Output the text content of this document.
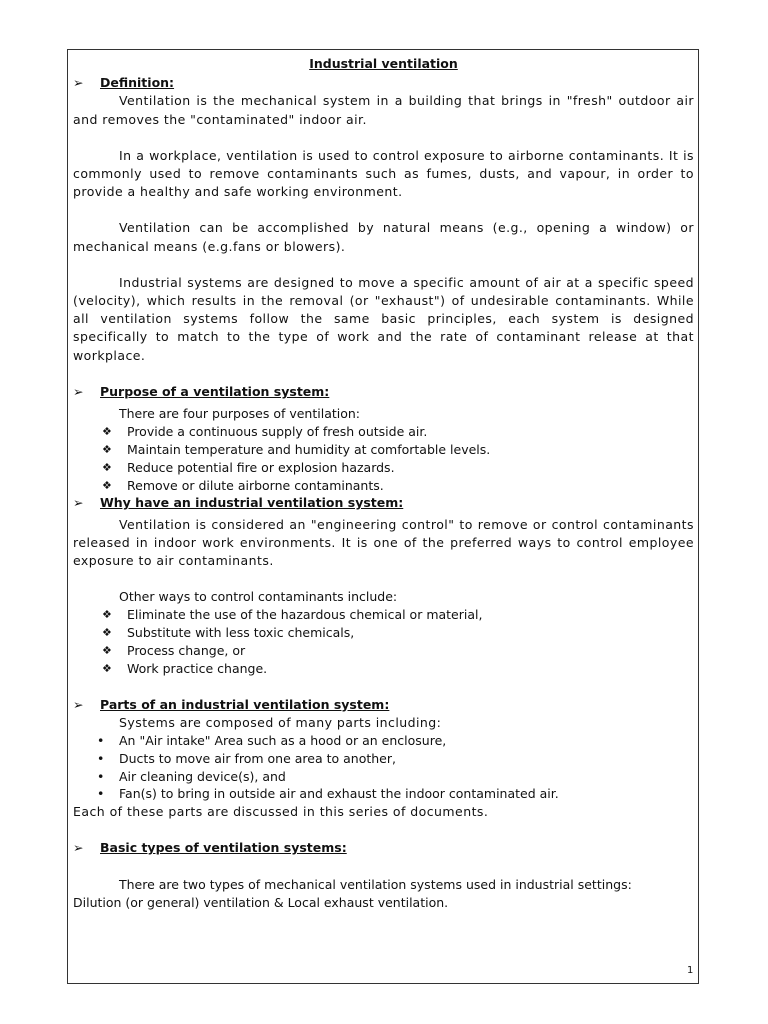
Industrial ventilation
➢ Definition:

Ventilation is the mechanical system in a building that brings in "fresh" outdoor air and removes the "contaminated" indoor air.

In a workplace, ventilation is used to control exposure to airborne contaminants. It is commonly used to remove contaminants such as fumes, dusts, and vapour, in order to provide a healthy and safe working environment.

Ventilation can be accomplished by natural means (e.g., opening a window) or mechanical means (e.g.fans or blowers).

Industrial systems are designed to move a specific amount of air at a specific speed (velocity), which results in the removal (or "exhaust") of undesirable contaminants. While all ventilation systems follow the same basic principles, each system is designed specifically to match to the type of work and the rate of contaminant release at that workplace.

➢ Purpose of a ventilation system:
There are four purposes of ventilation:
❖ Provide a continuous supply of fresh outside air.
❖ Maintain temperature and humidity at comfortable levels.
❖ Reduce potential fire or explosion hazards.
❖ Remove or dilute airborne contaminants.
➢ Why have an industrial ventilation system:

Ventilation is considered an "engineering control" to remove or control contaminants released in indoor work environments. It is one of the preferred ways to control employee exposure to air contaminants.

Other ways to control contaminants include:
❖ Eliminate the use of the hazardous chemical or material,
❖ Substitute with less toxic chemicals,
❖ Process change, or
❖ Work practice change.
➢ Parts of an industrial ventilation system:
Systems are composed of many parts including:
• An "Air intake" Area such as a hood or an enclosure,
• Ducts to move air from one area to another,
• Air cleaning device(s), and
• Fan(s) to bring in outside air and exhaust the indoor contaminated air.
Each of these parts are discussed in this series of documents.
➢ Basic types of ventilation systems:
There are two types of mechanical ventilation systems used in industrial settings:
Dilution (or general) ventilation & Local exhaust ventilation.
1
